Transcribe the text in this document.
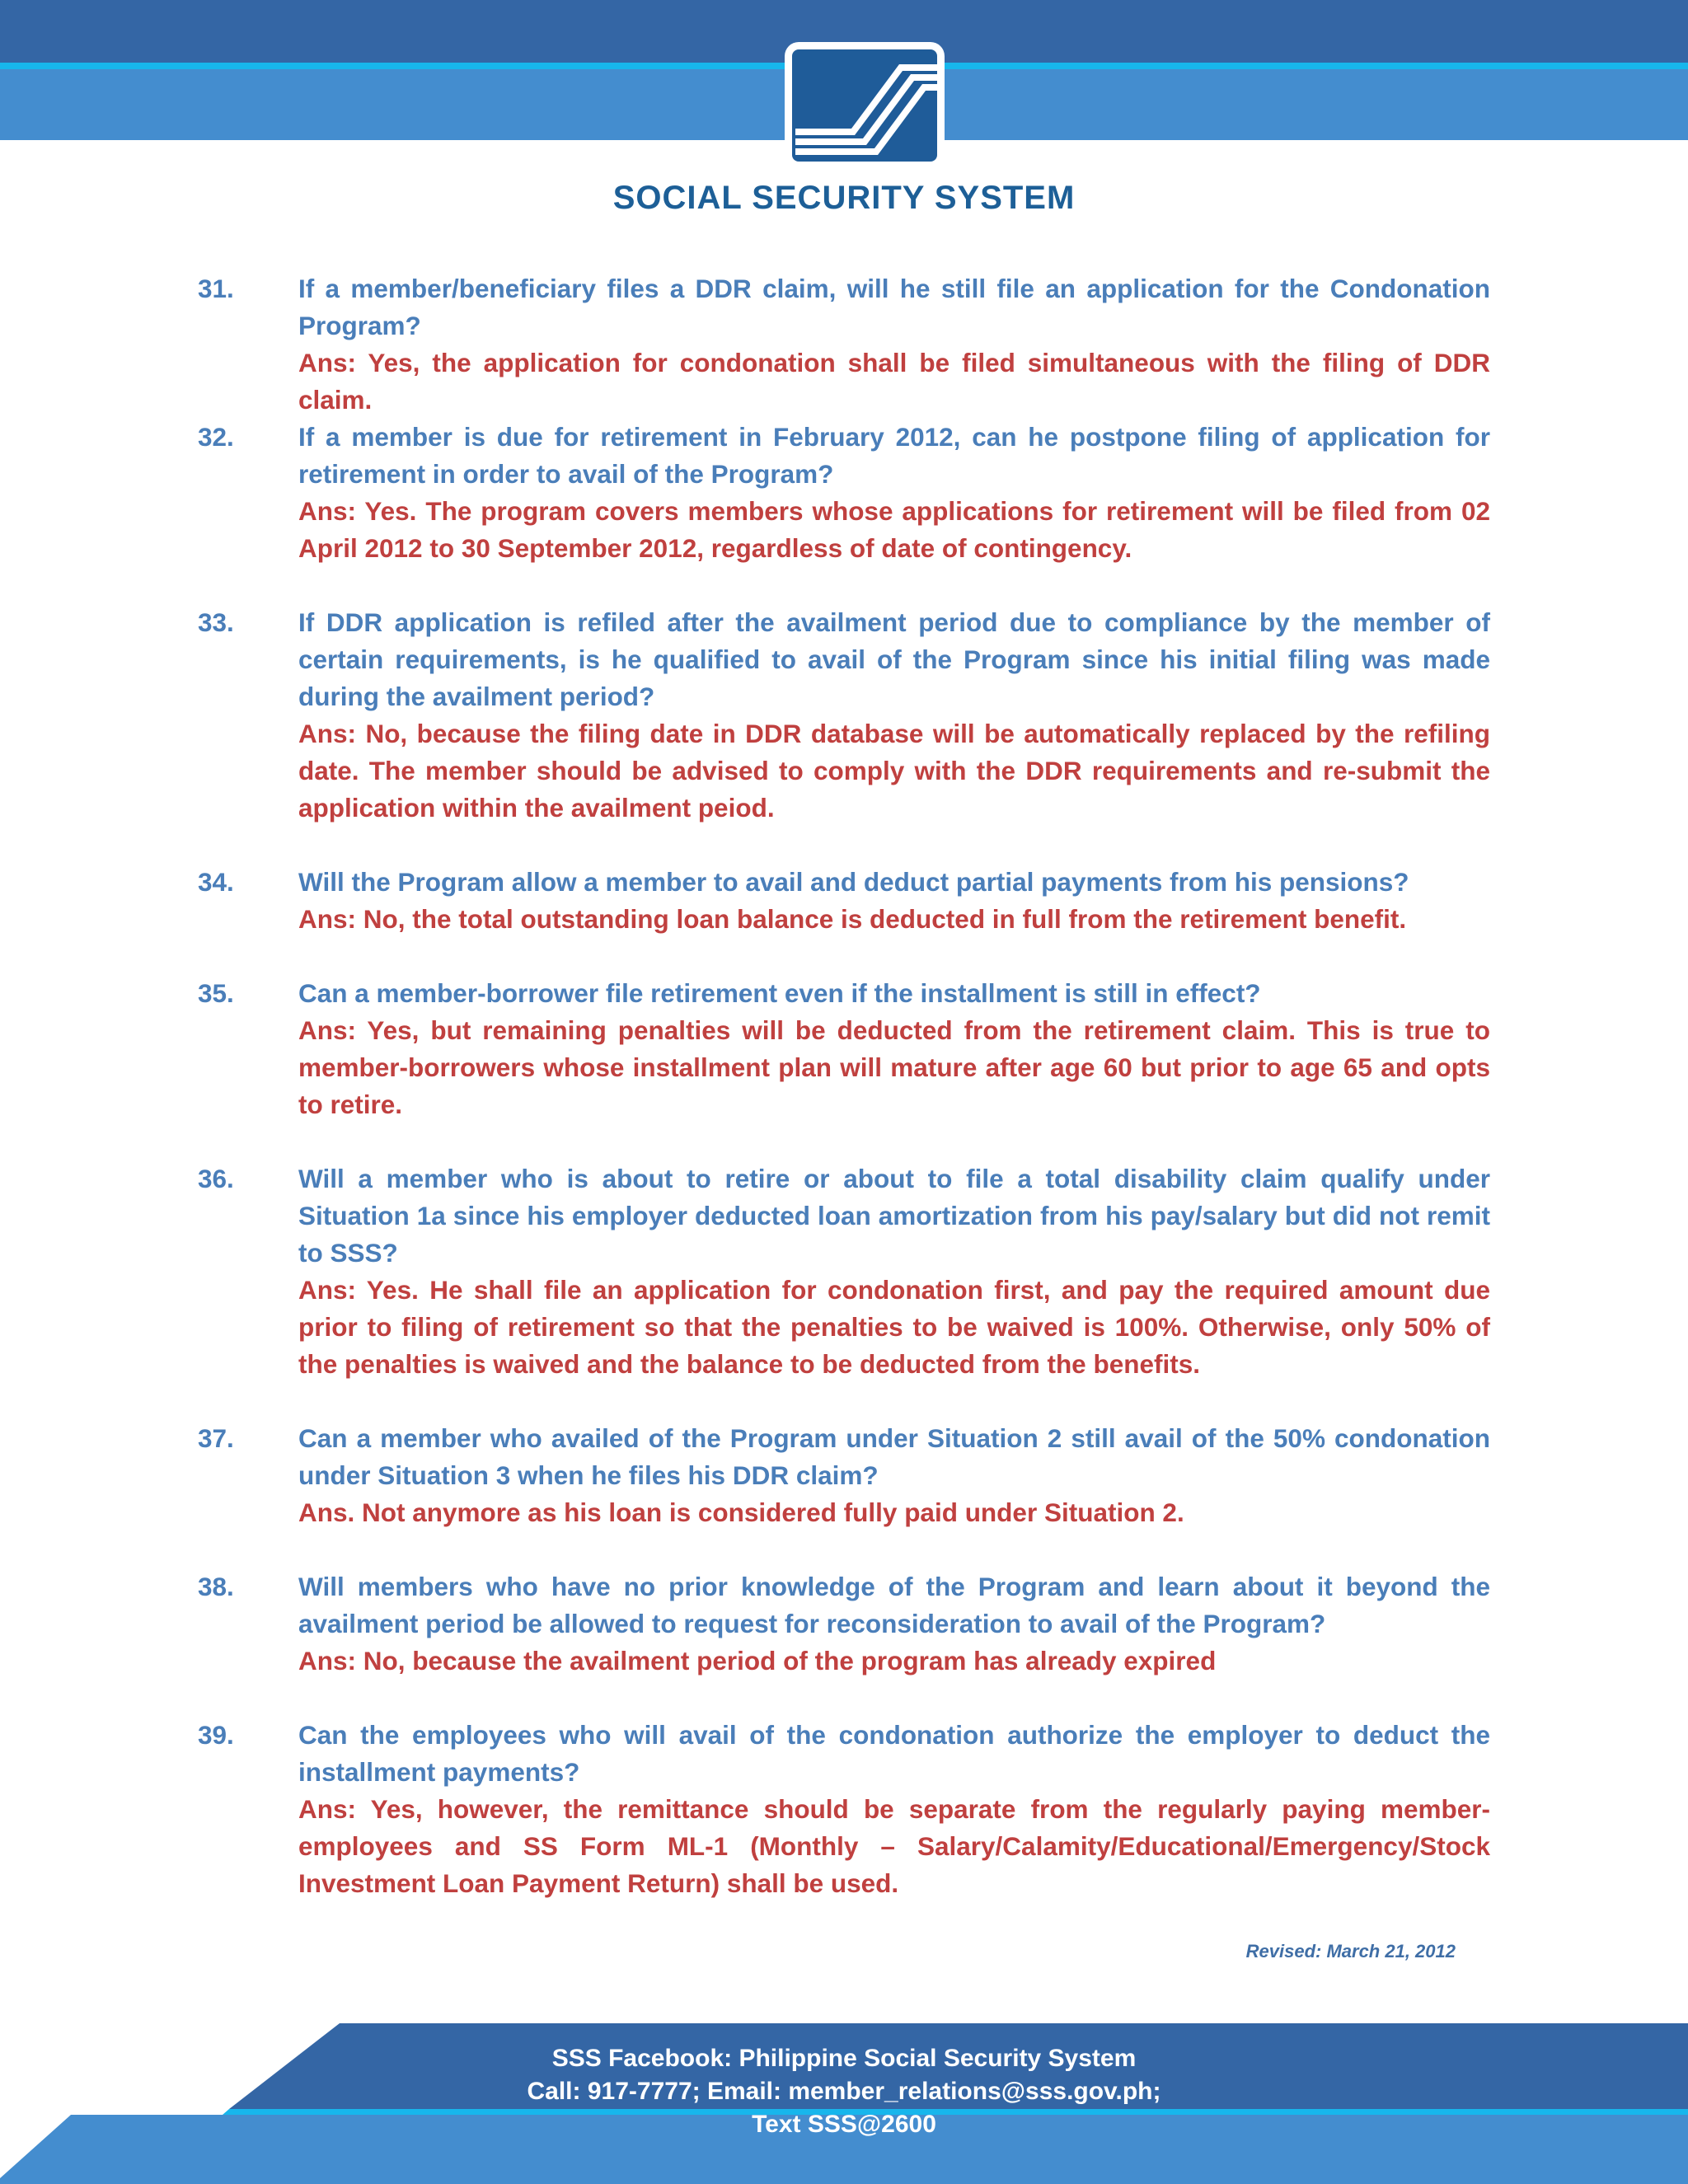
SOCIAL SECURITY SYSTEM
31.	If a member/beneficiary files a DDR claim, will he still file an application for the Condonation Program?
Ans: Yes, the application for condonation shall be filed simultaneous with the filing of DDR claim.
32.	If a member is due for retirement in February 2012, can he postpone filing of application for retirement in order to avail of the Program?
Ans: Yes. The program covers members whose applications for retirement will be filed from 02 April 2012 to 30 September 2012, regardless of date of contingency.
33.	If DDR application is refiled after the availment period due to compliance by the member of certain requirements, is he qualified to avail of the Program since his initial filing was made during the availment period?
Ans: No, because the filing date in DDR database will be automatically replaced by the refiling date. The member should be advised to comply with the DDR requirements and re-submit the application within the availment peiod.
34.	Will the Program allow a member to avail and deduct partial payments from his pensions?
Ans: No, the total outstanding loan balance is deducted in full from the retirement benefit.
35.	Can a member-borrower file retirement even if the installment is still in effect?
Ans: Yes, but remaining penalties will be deducted from the retirement claim. This is true to member-borrowers whose installment plan will mature after age 60 but prior to age 65 and opts to retire.
36.	Will a member who is about to retire or about to file a total disability claim qualify under Situation 1a since his employer deducted loan amortization from his pay/salary but did not remit to SSS?
Ans: Yes. He shall file an application for condonation first, and pay the required amount due prior to filing of retirement so that the penalties to be waived is 100%. Otherwise, only 50% of the penalties is waived and the balance to be deducted from the benefits.
37.	Can a member who availed of the Program under Situation 2 still avail of the 50% condonation under Situation 3 when he files his DDR claim?
Ans. Not anymore as his loan is considered fully paid under Situation 2.
38.	Will members who have no prior knowledge of the Program and learn about it beyond the availment period be allowed to request for reconsideration to avail of the Program?
Ans: No, because the availment period of the program has already expired
39.	Can the employees who will avail of the condonation authorize the employer to deduct the installment payments?
Ans: Yes, however, the remittance should be separate from the regularly paying member-employees and SS Form ML-1 (Monthly – Salary/Calamity/Educational/Emergency/Stock Investment Loan Payment Return) shall be used.
Revised: March 21, 2012
SSS Facebook: Philippine Social Security System
Call: 917-7777; Email: member_relations@sss.gov.ph;
Text SSS@2600
